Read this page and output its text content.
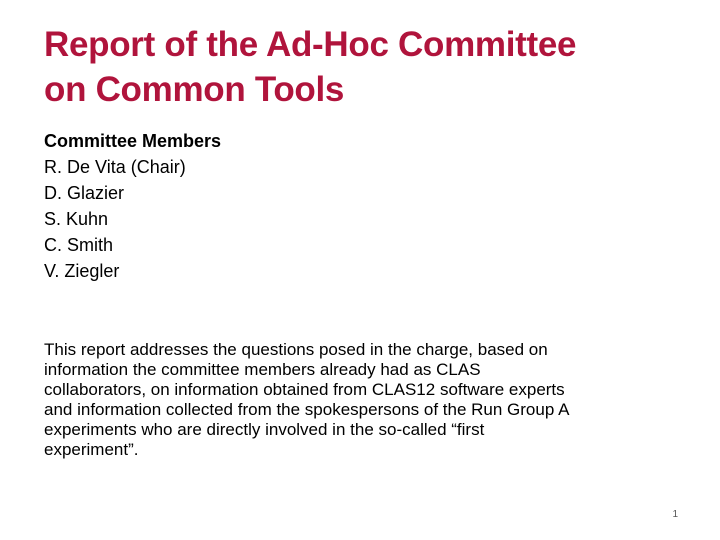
Report of the Ad-Hoc Committee
on Common Tools
Committee Members
R. De Vita (Chair)
D. Glazier
S. Kuhn
C. Smith
V. Ziegler
This report addresses the questions posed in the charge, based on
information the committee members already had as CLAS
collaborators, on information obtained from CLAS12 software experts
and information collected from the spokespersons of the Run Group A
experiments who are directly involved in the so-called “first
experiment”.
1
